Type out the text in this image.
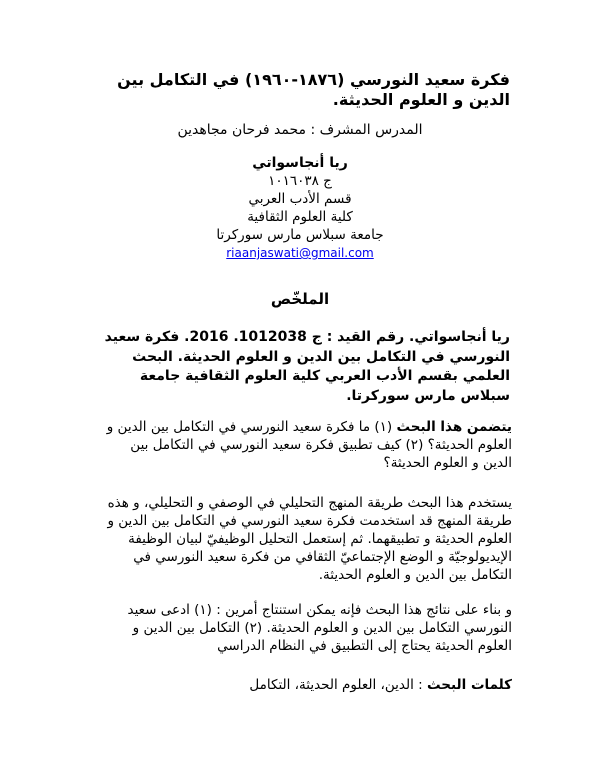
فكرة سعيد النورسي (١٨٧٦-١٩٦٠) في التكامل بين الدين و العلوم الحديثة.
المدرس المشرف : محمد فرحان مجاهدين
ريا أنجاسواتي
ج ١٠١٦٠٣٨
قسم الأدب العربي
كلية العلوم الثقافية
جامعة سبلاس مارس سوركرتا
riaanjaswati@gmail.com
الملخّص
ريا أنجاسواتي. رقم القيد : ج 1012038. 2016. فكرة سعيد النورسي في التكامل بين الدين و العلوم الحديثة. البحث العلمي بقسم الأدب العربي كلية العلوم الثقافية جامعة سبلاس مارس سوركرتا.
يتضمن هذا البحث (١) ما فكرة سعيد النورسي في التكامل بين الدين و العلوم الحديثة؟ (٢) كيف تطبيق فكرة سعيد النورسي في التكامل بين الدين و العلوم الحديثة؟
يستخدم هذا البحث طريقة المنهج التحليلي في الوصفي و التحليلي، و هذه طريقة المنهج قد استخدمت فكرة سعيد النورسي في التكامل بين الدين و العلوم الحديثة و تطبيقهما. ثم إستعمل التحليل الوظيفيّ لبيان الوظيفة الإيديولوجيّة و الوضع الإجتماعيّ الثقافي من فكرة سعيد النورسي في التكامل بين الدين و العلوم الحديثة.
و بناء على نتائج هذا البحث فإنه يمكن استنتاج أمرين : (١) ادعى سعيد النورسي التكامل بين الدين و العلوم الحديثة. (٢) التكامل بين الدين و العلوم الحديثة يحتاج إلى التطبيق في النظام الدراسي
كلمات البحث : الدين، العلوم الحديثة، التكامل
